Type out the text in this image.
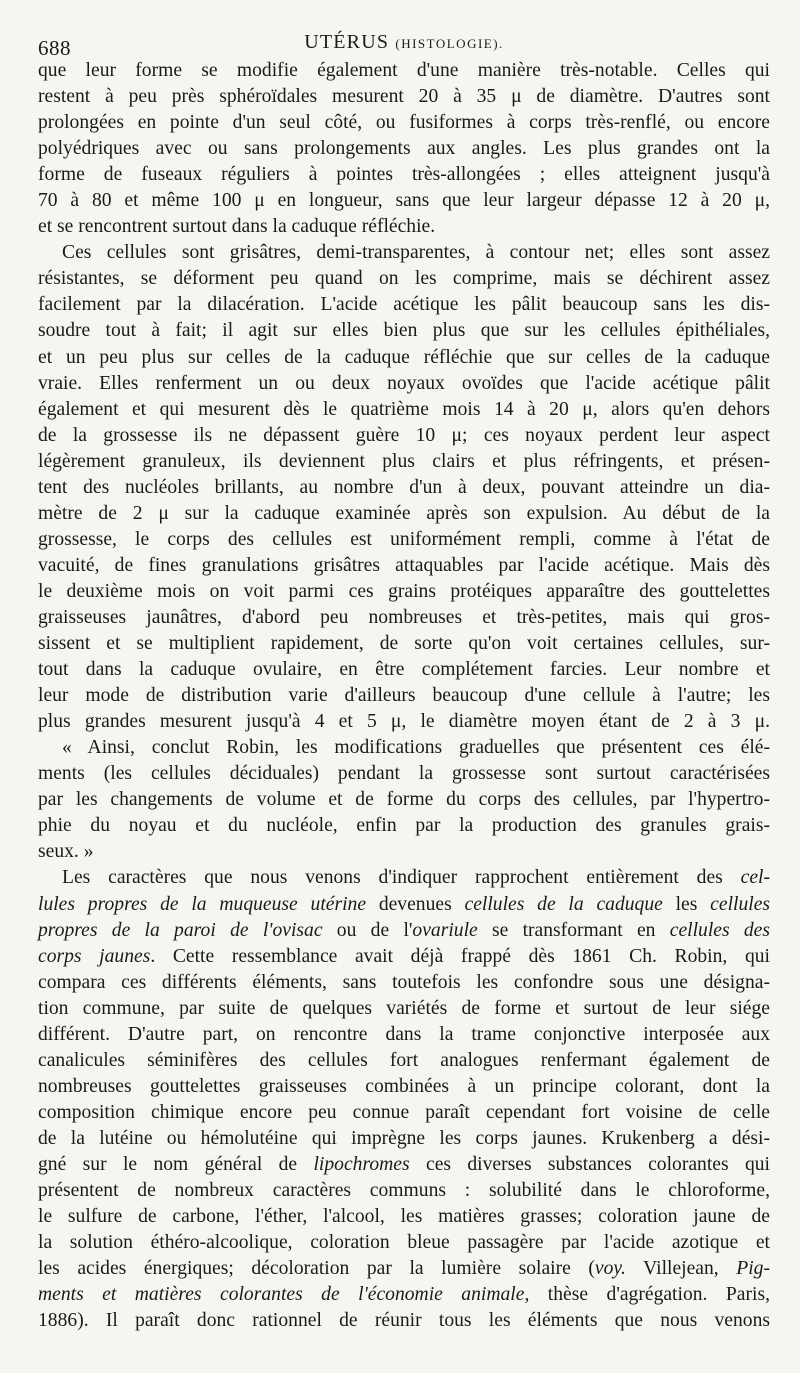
688	UTÉRUS (HISTOLOGIE).
que leur forme se modifie également d'une manière très-notable. Celles qui
restent à peu près sphéroïdales mesurent 20 à 35 μ de diamètre. D'autres sont
prolongées en pointe d'un seul côté, ou fusiformes à corps très-renflé, ou encore
polyédriques avec ou sans prolongements aux angles. Les plus grandes ont la
forme de fuseaux réguliers à pointes très-allongées ; elles atteignent jusqu'à
70 à 80 et même 100 μ en longueur, sans que leur largeur dépasse 12 à 20 μ,
et se rencontrent surtout dans la caduque réfléchie.
Ces cellules sont grisâtres, demi-transparentes, à contour net; elles sont assez
résistantes, se déforment peu quand on les comprime, mais se déchirent assez
facilement par la dilacération. L'acide acétique les pâlit beaucoup sans les dis-
soudre tout à fait; il agit sur elles bien plus que sur les cellules épithéliales,
et un peu plus sur celles de la caduque réfléchie que sur celles de la caduque
vraie. Elles renferment un ou deux noyaux ovoïdes que l'acide acétique pâlit
également et qui mesurent dès le quatrième mois 14 à 20 μ, alors qu'en dehors
de la grossesse ils ne dépassent guère 10 μ; ces noyaux perdent leur aspect
légèrement granuleux, ils deviennent plus clairs et plus réfringents, et présen-
tent des nucléoles brillants, au nombre d'un à deux, pouvant atteindre un dia-
mètre de 2 μ sur la caduque examinée après son expulsion. Au début de la
grossesse, le corps des cellules est uniformément rempli, comme à l'état de
vacuité, de fines granulations grisâtres attaquables par l'acide acétique. Mais dès
le deuxième mois on voit parmi ces grains protéiques apparaître des gouttelettes
graisseuses jaunâtres, d'abord peu nombreuses et très-petites, mais qui gros-
sissent et se multiplient rapidement, de sorte qu'on voit certaines cellules, sur-
tout dans la caduque ovulaire, en être complétement farcies. Leur nombre et
leur mode de distribution varie d'ailleurs beaucoup d'une cellule à l'autre; les
plus grandes mesurent jusqu'à 4 et 5 μ, le diamètre moyen étant de 2 à 3 μ.
« Ainsi, conclut Robin, les modifications graduelles que présentent ces élé-
ments (les cellules déciduales) pendant la grossesse sont surtout caractérisées
par les changements de volume et de forme du corps des cellules, par l'hypertro-
phie du noyau et du nucléole, enfin par la production des granules grais-
seux. »
Les caractères que nous venons d'indiquer rapprochent entièrement des cel-
lules propres de la muqueuse utérine devenues cellules de la caduque les cellules
propres de la paroi de l'ovisac ou de l'ovariule se transformant en cellules des
corps jaunes. Cette ressemblance avait déjà frappé dès 1861 Ch. Robin, qui
compara ces différents éléments, sans toutefois les confondre sous une désigna-
tion commune, par suite de quelques variétés de forme et surtout de leur siége
différent. D'autre part, on rencontre dans la trame conjonctive interposée aux
canalicules séminifères des cellules fort analogues renfermant également de
nombreuses gouttelettes graisseuses combinées à un principe colorant, dont la
composition chimique encore peu connue paraît cependant fort voisine de celle
de la lutéine ou hémolutéine qui imprègne les corps jaunes. Krukenberg a dési-
gné sur le nom général de lipochromes ces diverses substances colorantes qui
présentent de nombreux caractères communs : solubilité dans le chloroforme,
le sulfure de carbone, l'éther, l'alcool, les matières grasses; coloration jaune de
la solution éthéro-alcoolique, coloration bleue passagère par l'acide azotique et
les acides énergiques; décoloration par la lumière solaire (voy. Villejean, Pig-
ments et matières colorantes de l'économie animale, thèse d'agrégation. Paris,
1886). Il paraît donc rationnel de réunir tous les éléments que nous venons
